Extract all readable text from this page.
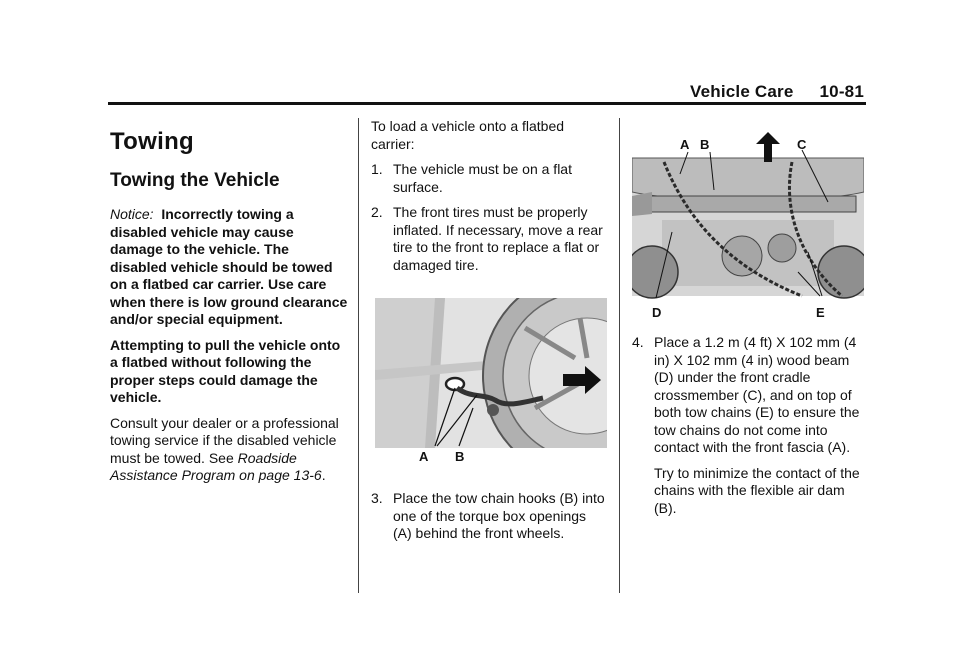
Vehicle Care 10-81
Towing
Towing the Vehicle

Notice: Incorrectly towing a disabled vehicle may cause damage to the vehicle. The disabled vehicle should be towed on a flatbed car carrier. Use care when there is low ground clearance and/or special equipment.

Attempting to pull the vehicle onto a flatbed without following the proper steps could damage the vehicle.

Consult your dealer or a professional towing service if the disabled vehicle must be towed. See Roadside Assistance Program on page 13-6.

To load a vehicle onto a flatbed carrier:

1. The vehicle must be on a flat surface.
2. The front tires must be properly inflated. If necessary, move a rear tire to the front to replace a flat or damaged tire.
A B
3. Place the tow chain hooks (B) into one of the torque box openings (A) behind the front wheels.
A B	C
D	E
4. Place a 1.2 m (4 ft) X 102 mm (4 in) X 102 mm (4 in) wood beam (D) under the front cradle crossmember (C), and on top of both tow chains (E) to ensure the tow chains do not come into contact with the front fascia (A).

Try to minimize the contact of the chains with the flexible air dam (B).
